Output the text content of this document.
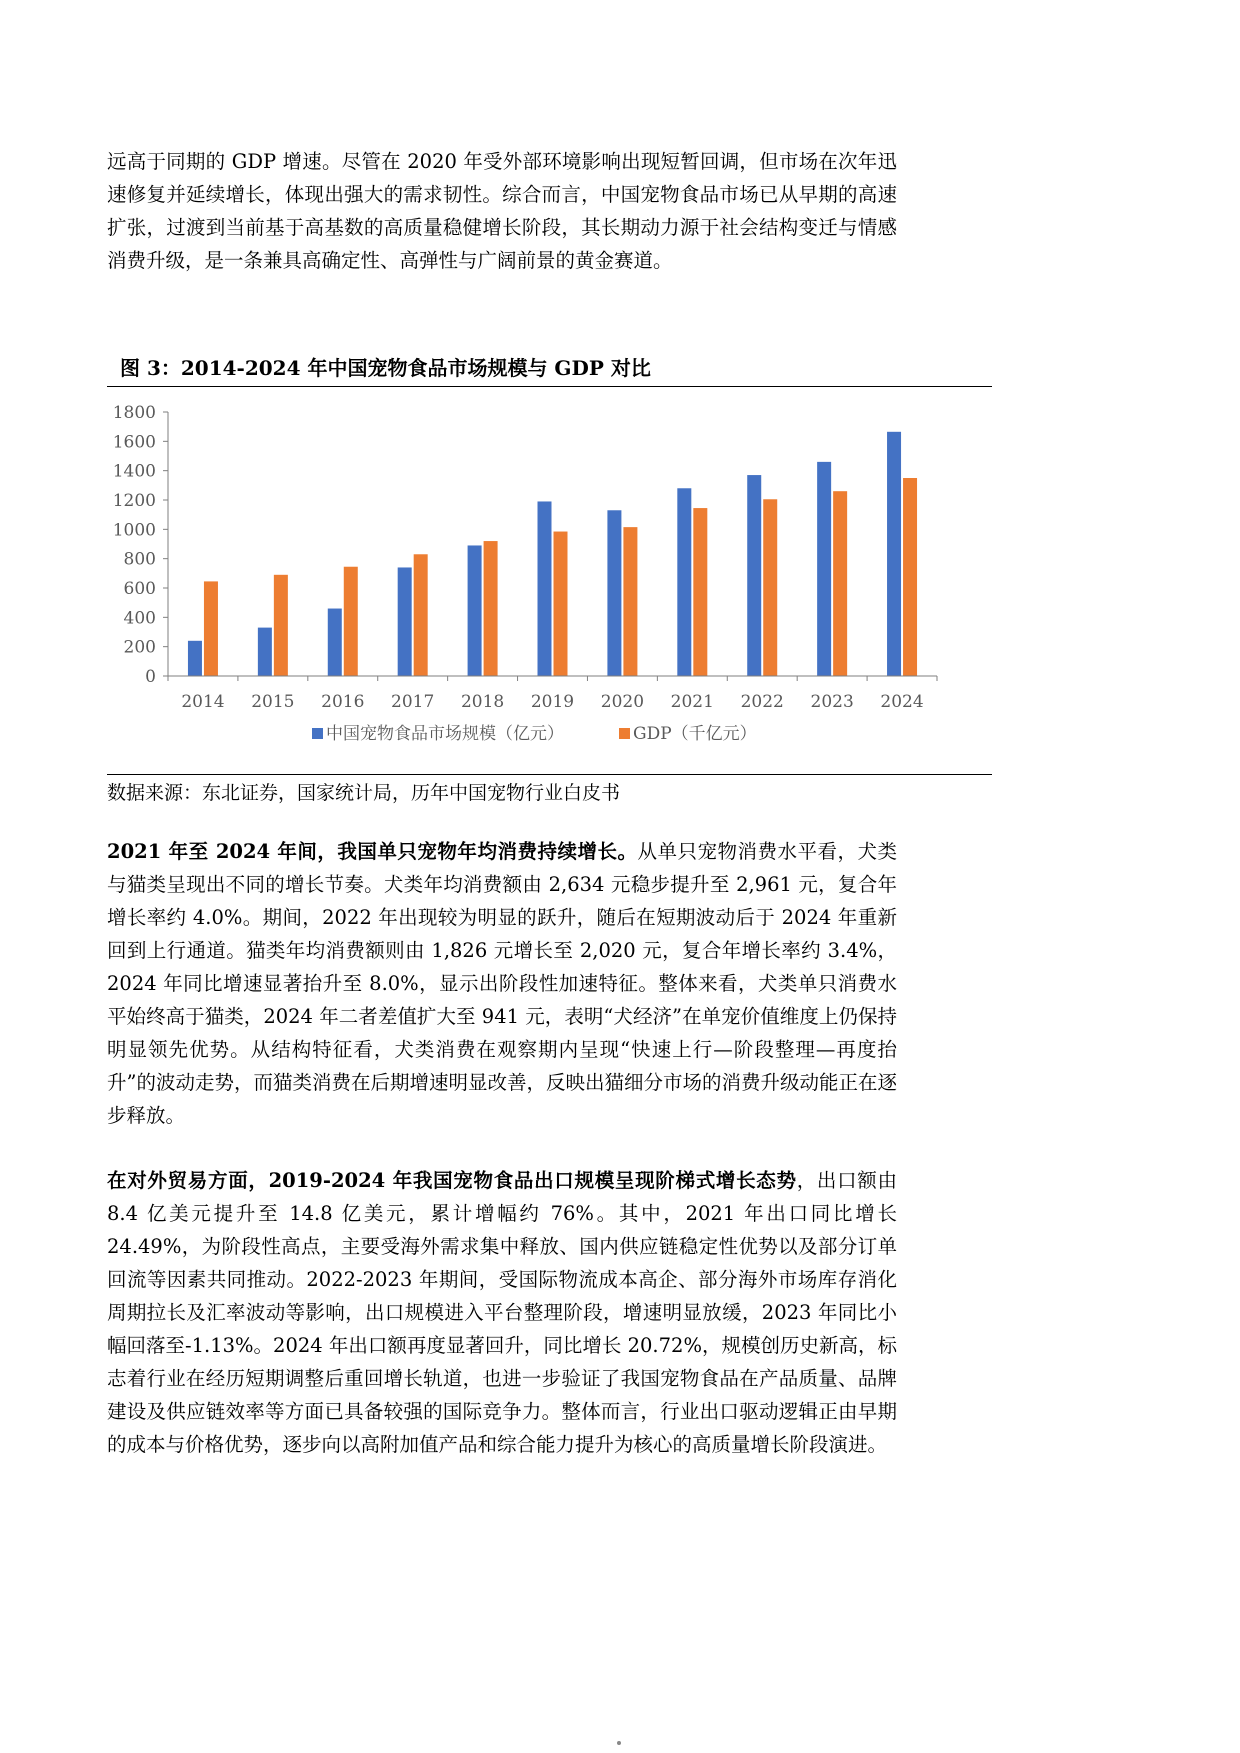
远高于同期的 GDP 增速。尽管在 2020 年受外部环境影响出现短暂回调，但市场在次年迅速修复并延续增长，体现出强大的需求韧性。综合而言，中国宠物食品市场已从早期的高速扩张，过渡到当前基于高基数的高质量稳健增长阶段，其长期动力源于社会结构变迁与情感消费升级，是一条兼具高确定性、高弹性与广阔前景的黄金赛道。

图 3：2014-2024 年中国宠物食品市场规模与 GDP 对比

0
200
400
600
800
1000
1200
1400
1600
1800
2014 2015 2016 2017 2018 2019 2020 2021 2022 2023 2024
中国宠物食品市场规模（亿元）	GDP（千亿元）

数据来源：东北证券，国家统计局，历年中国宠物行业白皮书

2021 年至 2024 年间，我国单只宠物年均消费持续增长。从单只宠物消费水平看，犬类与猫类呈现出不同的增长节奏。犬类年均消费额由 2,634 元稳步提升至 2,961 元，复合年增长率约 4.0%。期间，2022 年出现较为明显的跃升，随后在短期波动后于 2024 年重新回到上行通道。猫类年均消费额则由 1,826 元增长至 2,020 元，复合年增长率约 3.4%，2024 年同比增速显著抬升至 8.0%，显示出阶段性加速特征。整体来看，犬类单只消费水平始终高于猫类，2024 年二者差值扩大至 941 元，表明“犬经济”在单宠价值维度上仍保持明显领先优势。从结构特征看，犬类消费在观察期内呈现“快速上行—阶段整理—再度抬升”的波动走势，而猫类消费在后期增速明显改善，反映出猫细分市场的消费升级动能正在逐步释放。

在对外贸易方面，2019-2024 年我国宠物食品出口规模呈现阶梯式增长态势，出口额由 8.4 亿美元提升至 14.8 亿美元，累计增幅约 76%。其中，2021 年出口同比增长 24.49%，为阶段性高点，主要受海外需求集中释放、国内供应链稳定性优势以及部分订单回流等因素共同推动。2022-2023 年期间，受国际物流成本高企、部分海外市场库存消化周期拉长及汇率波动等影响，出口规模进入平台整理阶段，增速明显放缓，2023 年同比小幅回落至-1.13%。2024 年出口额再度显著回升，同比增长 20.72%，规模创历史新高，标志着行业在经历短期调整后重回增长轨道，也进一步验证了我国宠物食品在产品质量、品牌建设及供应链效率等方面已具备较强的国际竞争力。整体而言，行业出口驱动逻辑正由早期的成本与价格优势，逐步向以高附加值产品和综合能力提升为核心的高质量增长阶段演进。
